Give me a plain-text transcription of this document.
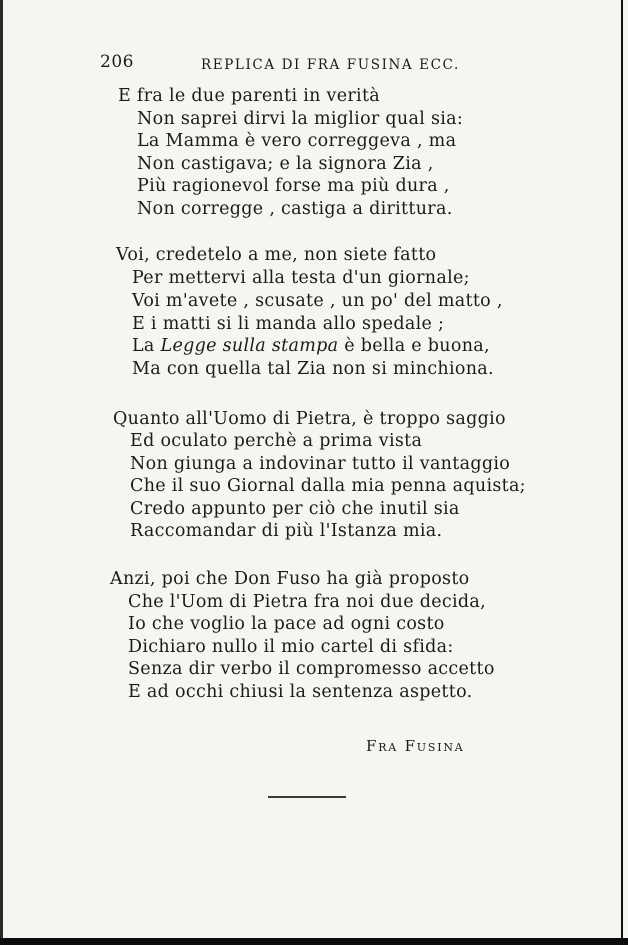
206	REPLICA DI FRA FUSINA ECC.
E fra le due parenti in verità
Non saprei dirvi la miglior qual sia:
La Mamma è vero correggeva , ma
Non castigava; e la signora Zia ,
Più ragionevol forse ma più dura ,
Non corregge , castiga a dirittura.
Voi, credetelo a me, non siete fatto
Per mettervi alla testa d'un giornale;
Voi m'avete , scusate , un po' del matto ,
E i matti si li manda allo spedale ;
La Legge sulla stampa è bella e buona,
Ma con quella tal Zia non si minchiona.
Quanto all'Uomo di Pietra, è troppo saggio
Ed oculato perchè a prima vista
Non giunga a indovinar tutto il vantaggio
Che il suo Giornal dalla mia penna aquista;
Credo appunto per ciò che inutil sia
Raccomandar di più l'Istanza mia.
Anzi, poi che Don Fuso ha già proposto
Che l'Uom di Pietra fra noi due decida,
Io che voglio la pace ad ogni costo
Dichiaro nullo il mio cartel di sfida:
Senza dir verbo il compromesso accetto
E ad occhi chiusi la sentenza aspetto.
Fra Fusina
